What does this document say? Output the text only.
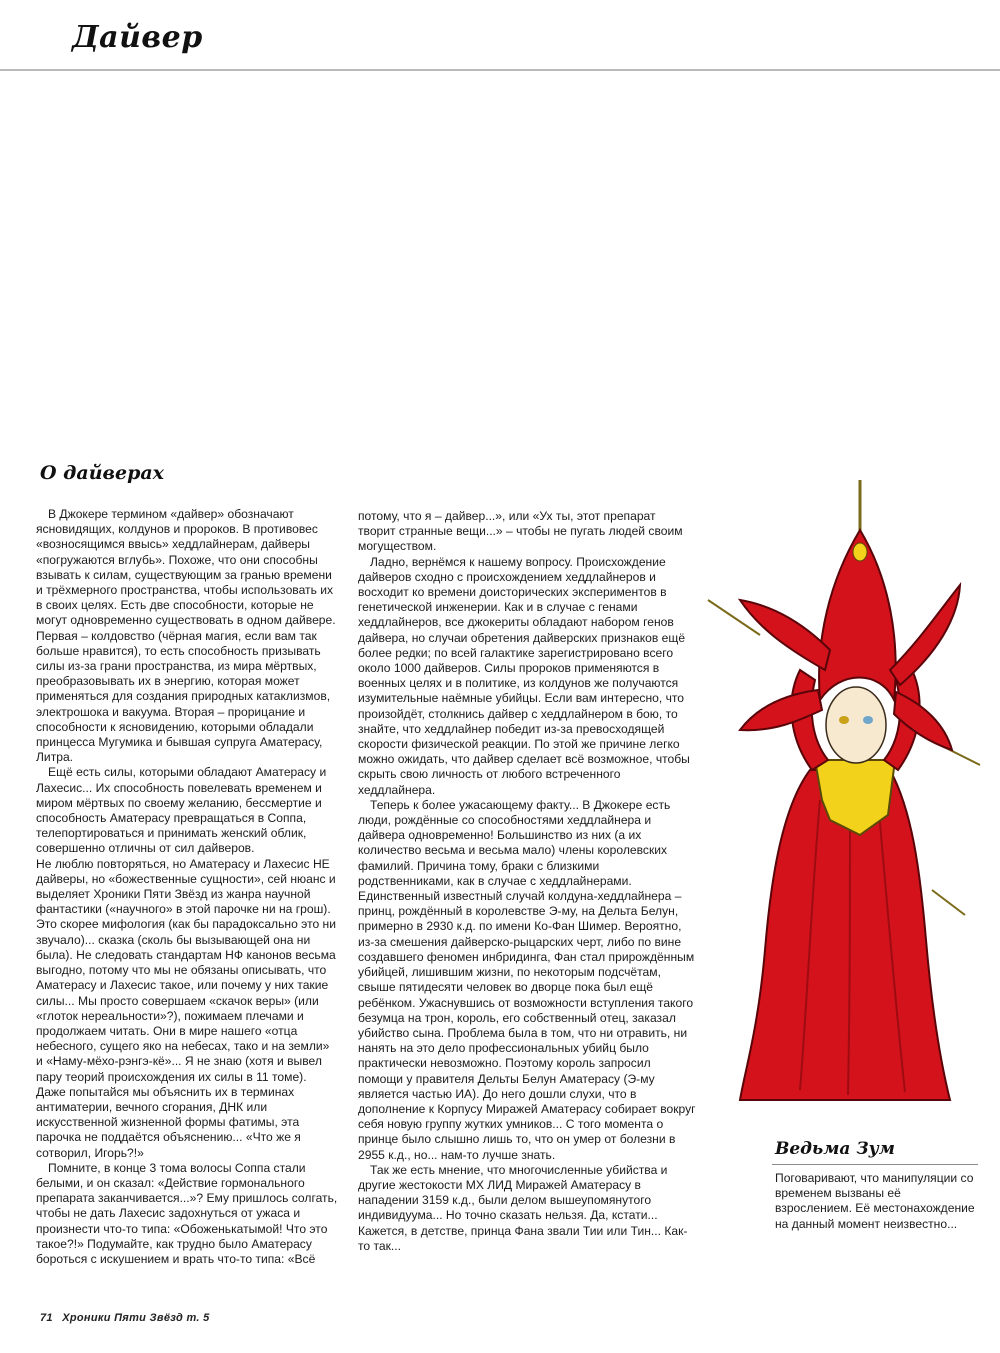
Дайвер
О дайверах

В Джокере термином «дайвер» обозначают ясновидящих, колдунов и пророков. В противовес «возносящимся ввысь» хеддлайнерам, дайверы «погружаются вглубь». Похоже, что они способны взывать к силам, существующим за гранью времени и трёхмерного пространства, чтобы использовать их в своих целях. Есть две способности, которые не могут одновременно существовать в одном дайвере. Первая – колдовство (чёрная магия, если вам так больше нравится), то есть способность призывать силы из-за грани пространства, из мира мёртвых, преобразовывать их в энергию, которая может применяться для создания природных катаклизмов, электрошока и вакуума. Вторая – прорицание и способности к ясновидению, которыми обладали принцесса Мугумика и бывшая супруга Аматерасу, Литра.

Ещё есть силы, которыми обладают Аматерасу и Лахесис... Их способность повелевать временем и миром мёртвых по своему желанию, бессмертие и способность Аматерасу превращаться в Соппа, телепортироваться и принимать женский облик, совершенно отличны от сил дайверов.

Не люблю повторяться, но Аматерасу и Лахесис НЕ дайверы, но «божественные сущности», сей нюанс и выделяет Хроники Пяти Звёзд из жанра научной фантастики («научного» в этой парочке ни на грош). Это скорее мифология (как бы парадоксально это ни звучало)... сказка (сколь бы вызывающей она ни была). Не следовать стандартам НФ канонов весьма выгодно, потому что мы не обязаны описывать, что Аматерасу и Лахесис такое, или почему у них такие силы... Мы просто совершаем «скачок веры» (или «глоток нереальности»?), пожимаем плечами и продолжаем читать. Они в мире нашего «отца небесного, сущего яко на небесах, тако и на земли» и «Наму-мёхо-рэнгэ-кё»... Я не знаю (хотя и вывел пару теорий происхождения их силы в 11 томе). Даже попытайся мы объяснить их в терминах антиматерии, вечного сгорания, ДНК или искусственной жизненной формы фатимы, эта парочка не поддаётся объяснению... «Что же я сотворил, Игорь?!»

Помните, в конце 3 тома волосы Соппа стали белыми, и он сказал: «Действие гормонального препарата заканчивается...»? Ему пришлось солгать, чтобы не дать Лахесис задохнуться от ужаса и произнести что-то типа: «Обоженькатымой! Что это такое?!» Подумайте, как трудно было Аматерасу бороться с искушением и врать что-то типа: «Всё

потому, что я – дайвер...», или «Ух ты, этот препарат творит странные вещи...» – чтобы не пугать людей своим могуществом.

Ладно, вернёмся к нашему вопросу. Происхождение дайверов сходно с происхождением хеддлайнеров и восходит ко времени доисторических экспериментов в генетической инженерии. Как и в случае с генами хеддлайнеров, все джокериты обладают набором генов дайвера, но случаи обретения дайверских признаков ещё более редки; по всей галактике зарегистрировано всего около 1000 дайверов. Силы пророков применяются в военных целях и в политике, из колдунов же получаются изумительные наёмные убийцы. Если вам интересно, что произойдёт, столкнись дайвер с хеддлайнером в бою, то знайте, что хеддлайнер победит из-за превосходящей скорости физической реакции. По этой же причине легко можно ожидать, что дайвер сделает всё возможное, чтобы скрыть свою личность от любого встреченного хеддлайнера.

Теперь к более ужасающему факту... В Джокере есть люди, рождённые со способностями хеддлайнера и дайвера одновременно! Большинство из них (а их количество весьма и весьма мало) члены королевских фамилий. Причина тому, браки с близкими родственниками, как в случае с хеддлайнерами. Единственный известный случай колдуна-хеддлайнера – принц, рождённый в королевстве Э-му, на Дельта Белун, примерно в 2930 к.д. по имени Ко-Фан Шимер. Вероятно, из-за смешения дайверско-рыцарских черт, либо по вине создавшего феномен инбридинга, Фан стал прирождённым убийцей, лишившим жизни, по некоторым подсчётам, свыше пятидесяти человек во дворце пока был ещё ребёнком. Ужаснувшись от возможности вступления такого безумца на трон, король, его собственный отец, заказал убийство сына. Проблема была в том, что ни отравить, ни нанять на это дело профессиональных убийц было практически невозможно. Поэтому король запросил помощи у правителя Дельты Белун Аматерасу (Э-му является частью ИА). До него дошли слухи, что в дополнение к Корпусу Миражей Аматерасу собирает вокруг себя новую группу жутких умников... С того момента о принце было слышно лишь то, что он умер от болезни в 2955 к.д., но... нам-то лучше знать.

Так же есть мнение, что многочисленные убийства и другие жестокости МХ ЛИД Миражей Аматерасу в нападении 3159 к.д., были делом вышеупомянутого индивидуума... Но точно сказать нельзя. Да, кстати... Кажется, в детстве, принца Фана звали Тии или Тин... Как-то так...

Ведьма Зум
Поговаривают, что манипуляции со временем вызваны её взрослением. Её местонахождение на данный момент неизвестно...
71 Хроники Пяти Звёзд т. 5
